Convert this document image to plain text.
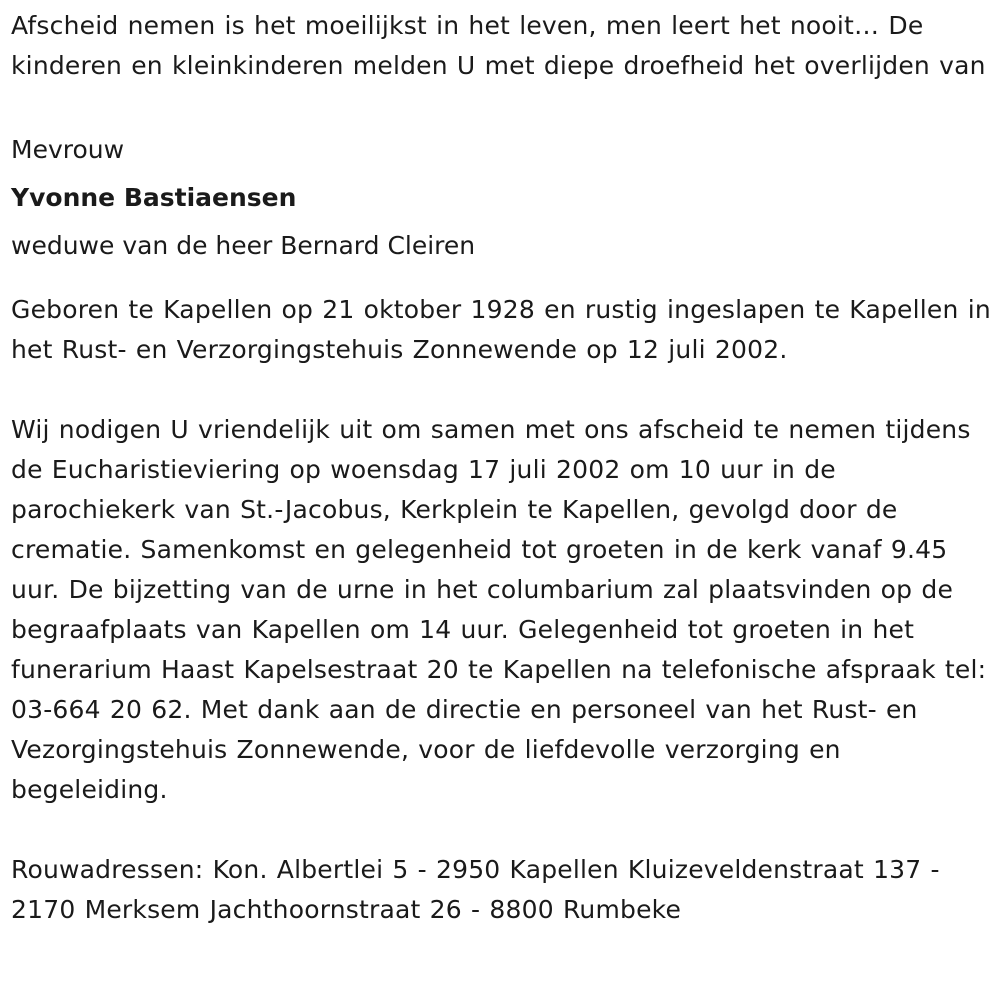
Afscheid nemen is het moeilijkst in het leven, men leert het nooit… De kinderen en kleinkinderen melden U met diepe droefheid het overlijden van

Mevrouw

Yvonne Bastiaensen

weduwe van de heer Bernard Cleiren

Geboren te Kapellen op 21 oktober 1928 en rustig ingeslapen te Kapellen in het Rust- en Verzorgingstehuis Zonnewende op 12 juli 2002.

Wij nodigen U vriendelijk uit om samen met ons afscheid te nemen tijdens de Eucharistieviering op woensdag 17 juli 2002 om 10 uur in de parochiekerk van St.-Jacobus, Kerkplein te Kapellen, gevolgd door de crematie. Samenkomst en gelegenheid tot groeten in de kerk vanaf 9.45 uur. De bijzetting van de urne in het columbarium zal plaatsvinden op de begraafplaats van Kapellen om 14 uur. Gelegenheid tot groeten in het funerarium Haast Kapelsestraat 20 te Kapellen na telefonische afspraak tel: 03-664 20 62. Met dank aan de directie en personeel van het Rust- en Vezorgingstehuis Zonnewende, voor de liefdevolle verzorging en begeleiding.

Rouwadressen: Kon. Albertlei 5 - 2950 Kapellen Kluizeveldenstraat 137 - 2170 Merksem Jachthoornstraat 26 - 8800 Rumbeke
